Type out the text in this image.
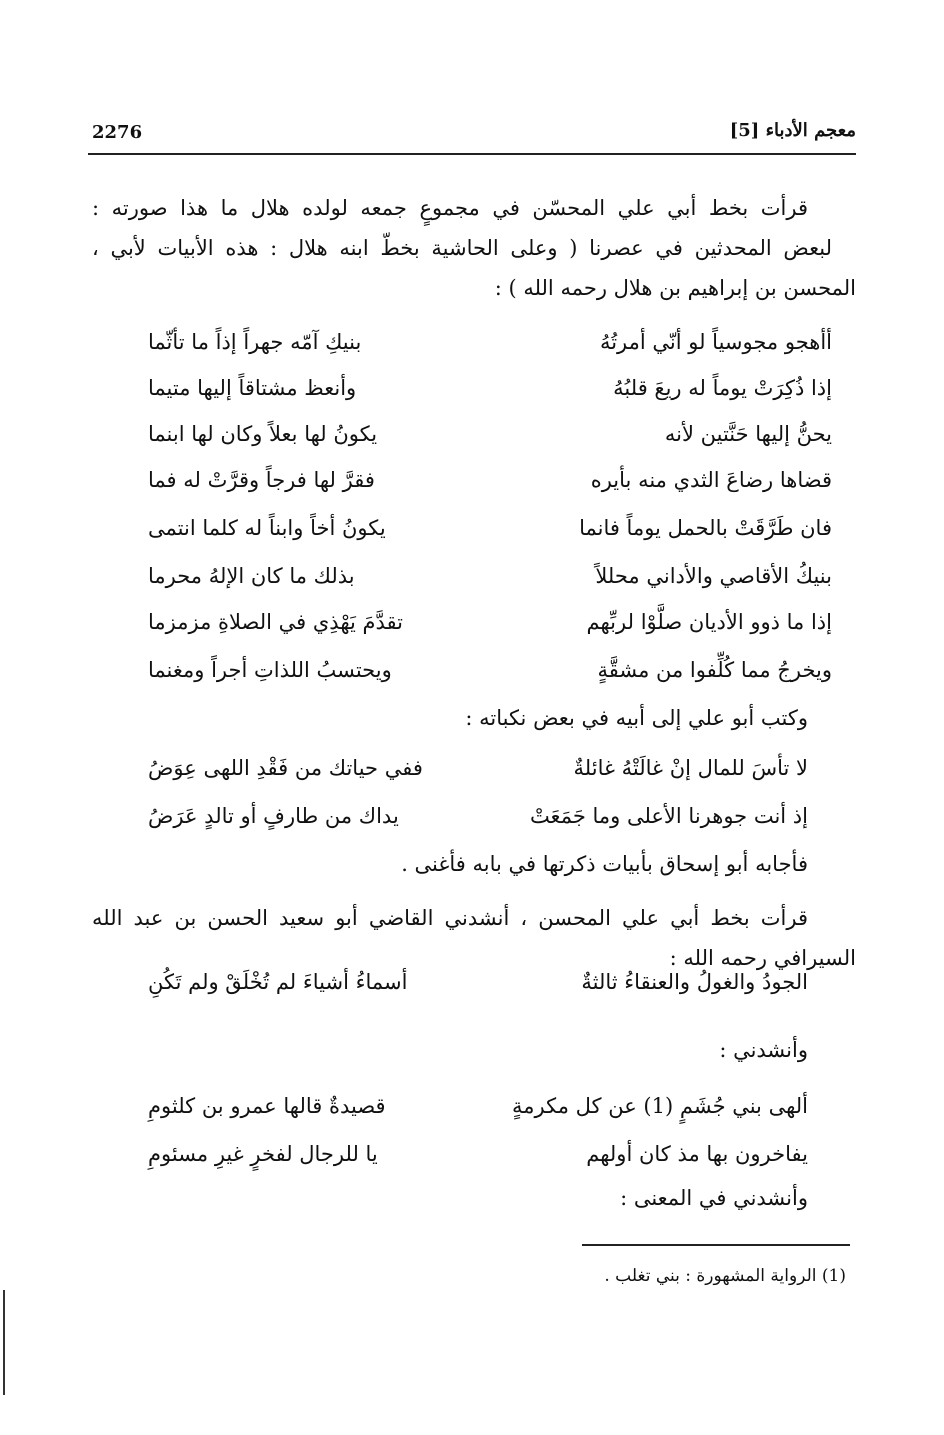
2276	معجم الأدباء [5]
قرأت بخط أبي علي المحسّن في مجموعٍ جمعه لولده هلال ما هذا صورته :
لبعض المحدثين في عصرنا ( وعلى الحاشية بخطّ ابنه هلال : هذه الأبيات لأبي ،
المحسن بن إبراهيم بن هلال رحمه الله ) :
أأهجو مجوسياً لو أنّي أمرتُهُ
بنيكِ آمّه جهراً إذاً ما تأثّما
إذا ذُكِرَتْ يوماً له ريعَ قلبُهُ
وأنعظ مشتاقاً إليها متيما
يحنُّ إليها حَنَّتين لأنه
يكونُ لها بعلاً وكان لها ابنما
قضاها رضاعَ الثدي منه بأيره
فقرَّ لها فرجاً وقرَّتْ له فما
فان طَرَّقَتْ بالحمل يوماً فانما
يكونُ أخاً وابناً له كلما انتمى
بنيكُ الأقاصي والأداني محللاً
بذلك ما كان الإلهُ محرما
إذا ما ذوو الأديان صلَّوْا لربِّهم
تقدَّمَ يَهْذِي في الصلاةِ مزمزما
ويخرجُ مما كُلِّفوا من مشقَّةٍ
ويحتسبُ اللذاتِ أجراً ومغنما
وكتب أبو علي إلى أبيه في بعض نكباته :
لا تأسَ للمال إنْ غالَتْهُ غائلةٌ
ففي حياتك من فَقْدِ اللهى عِوَضُ
إذ أنت جوهرنا الأعلى وما جَمَعَتْ
يداك من طارفٍ أو تالدٍ عَرَضُ
فأجابه أبو إسحاق بأبيات ذكرتها في بابه فأغنى .
قرأت بخط أبي علي المحسن ، أنشدني القاضي أبو سعيد الحسن بن عبد الله
السيرافي رحمه الله :
الجودُ والغولُ والعنقاءُ ثالثةٌ
أسماءُ أشياءَ لم تُخْلَقْ ولم تَكُنِ
وأنشدني :
ألهى بني جُشَمٍ (1) عن كل مكرمةٍ
قصيدةٌ قالها عمرو بن كلثومِ
يفاخرون بها مذ كان أولهم
يا للرجال لفخرٍ غيرِ مسئومِ
وأنشدني في المعنى :
(1) الرواية المشهورة : بني تغلب .
